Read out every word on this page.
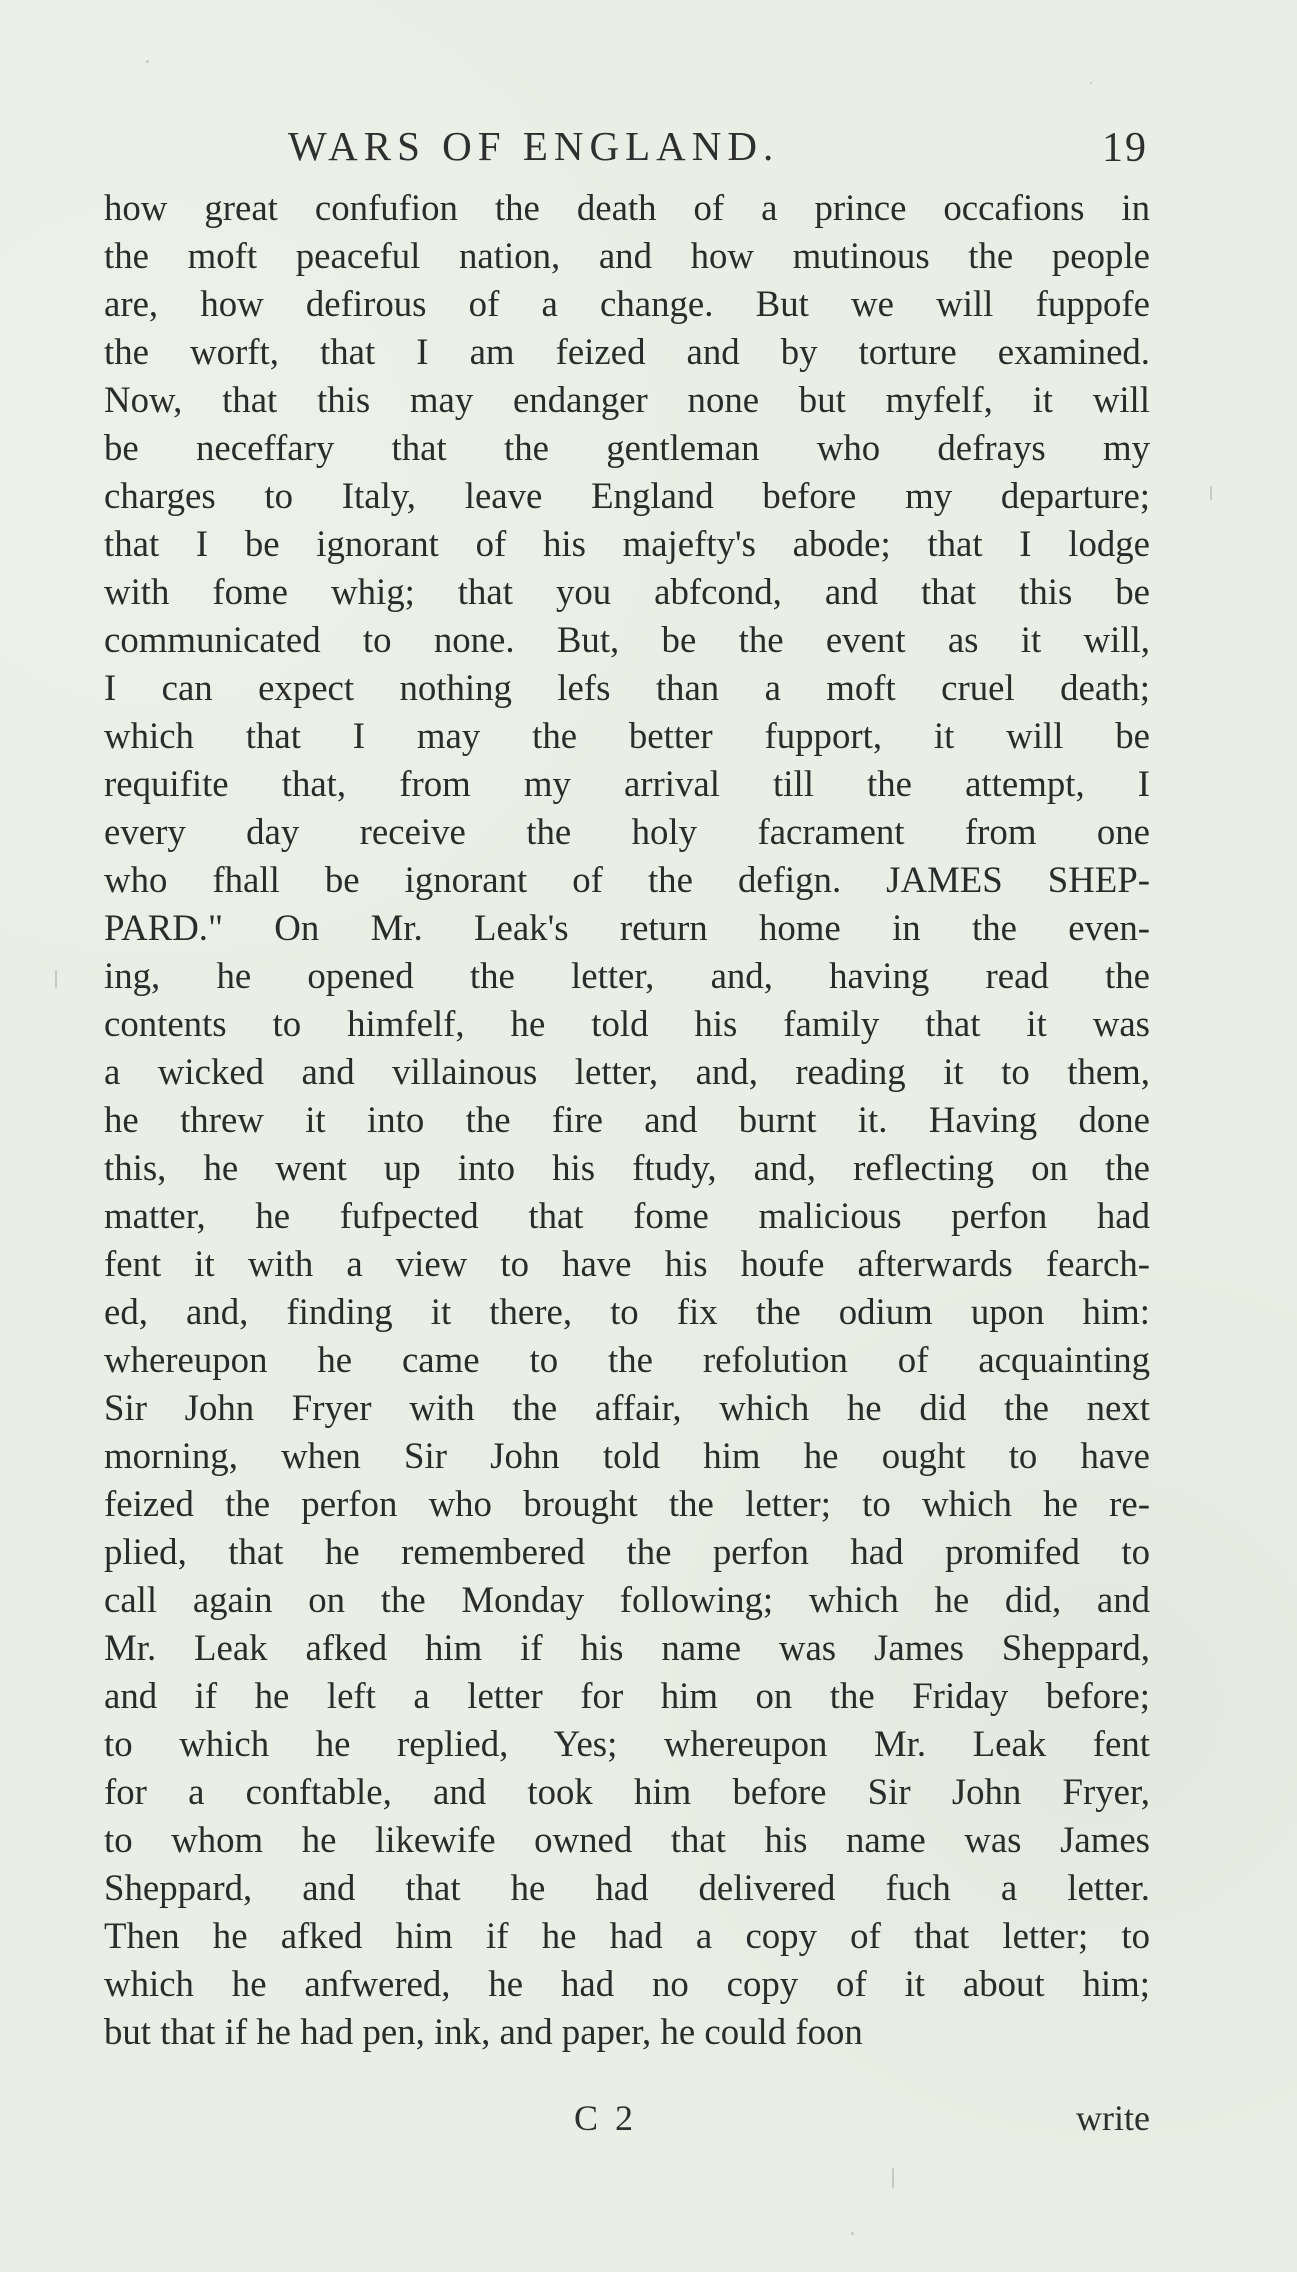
WARS OF ENGLAND.	19
how great confufion the death of a prince occafions in
the moft peaceful nation, and how mutinous the people
are, how defirous of a change. But we will fuppofe
the worft, that I am feized and by torture examined.
Now, that this may endanger none but myfelf, it will
be neceffary that the gentleman who defrays my
charges to Italy, leave England before my departure;
that I be ignorant of his majefty's abode; that I lodge
with fome whig; that you abfcond, and that this be
communicated to none. But, be the event as it will,
I can expect nothing lefs than a moft cruel death;
which that I may the better fupport, it will be
requifite that, from my arrival till the attempt, I
every day receive the holy facrament from one
who fhall be ignorant of the defign. JAMES SHEP-
PARD." On Mr. Leak's return home in the even-
ing, he opened the letter, and, having read the
contents to himfelf, he told his family that it was
a wicked and villainous letter, and, reading it to them,
he threw it into the fire and burnt it. Having done
this, he went up into his ftudy, and, reflecting on the
matter, he fufpected that fome malicious perfon had
fent it with a view to have his houfe afterwards fearch-
ed, and, finding it there, to fix the odium upon him:
whereupon he came to the refolution of acquainting
Sir John Fryer with the affair, which he did the next
morning, when Sir John told him he ought to have
feized the perfon who brought the letter; to which he re-
plied, that he remembered the perfon had promifed to
call again on the Monday following; which he did, and
Mr. Leak afked him if his name was James Sheppard,
and if he left a letter for him on the Friday before;
to which he replied, Yes; whereupon Mr. Leak fent
for a conftable, and took him before Sir John Fryer,
to whom he likewife owned that his name was James
Sheppard, and that he had delivered fuch a letter.
Then he afked him if he had a copy of that letter; to
which he anfwered, he had no copy of it about him;
but that if he had pen, ink, and paper, he could foon
C 2	write
